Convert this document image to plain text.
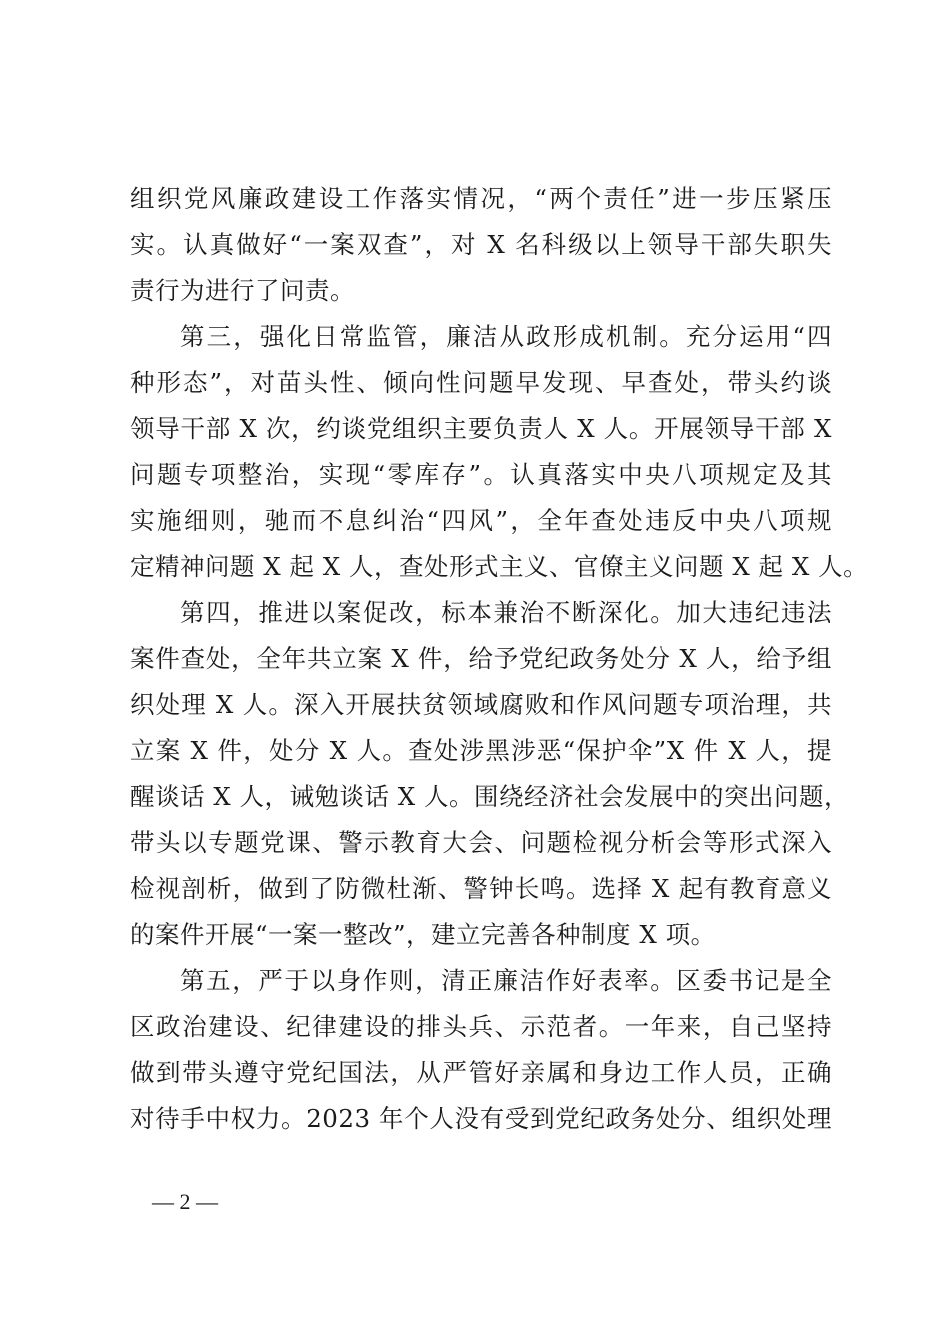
组织党风廉政建设工作落实情况，“两个责任”进一步压紧压
实。认真做好“一案双查”，对 X 名科级以上领导干部失职失
责行为进行了问责。
第三，强化日常监管，廉洁从政形成机制。充分运用“四
种形态”，对苗头性、倾向性问题早发现、早查处，带头约谈
领导干部 X 次，约谈党组织主要负责人 X 人。开展领导干部 X
问题专项整治，实现“零库存”。认真落实中央八项规定及其
实施细则，驰而不息纠治“四风”，全年查处违反中央八项规
定精神问题 X 起 X 人，查处形式主义、官僚主义问题 X 起 X 人。
第四，推进以案促改，标本兼治不断深化。加大违纪违法
案件查处，全年共立案 X 件，给予党纪政务处分 X 人，给予组
织处理 X 人。深入开展扶贫领域腐败和作风问题专项治理，共
立案 X 件，处分 X 人。查处涉黑涉恶“保护伞”X 件 X 人，提
醒谈话 X 人，诫勉谈话 X 人。围绕经济社会发展中的突出问题，
带头以专题党课、警示教育大会、问题检视分析会等形式深入
检视剖析，做到了防微杜渐、警钟长鸣。选择 X 起有教育意义
的案件开展“一案一整改”，建立完善各种制度 X 项。
第五，严于以身作则，清正廉洁作好表率。区委书记是全
区政治建设、纪律建设的排头兵、示范者。一年来，自己坚持
做到带头遵守党纪国法，从严管好亲属和身边工作人员，正确
对待手中权力。2023 年个人没有受到党纪政务处分、组织处理
— 2 —
